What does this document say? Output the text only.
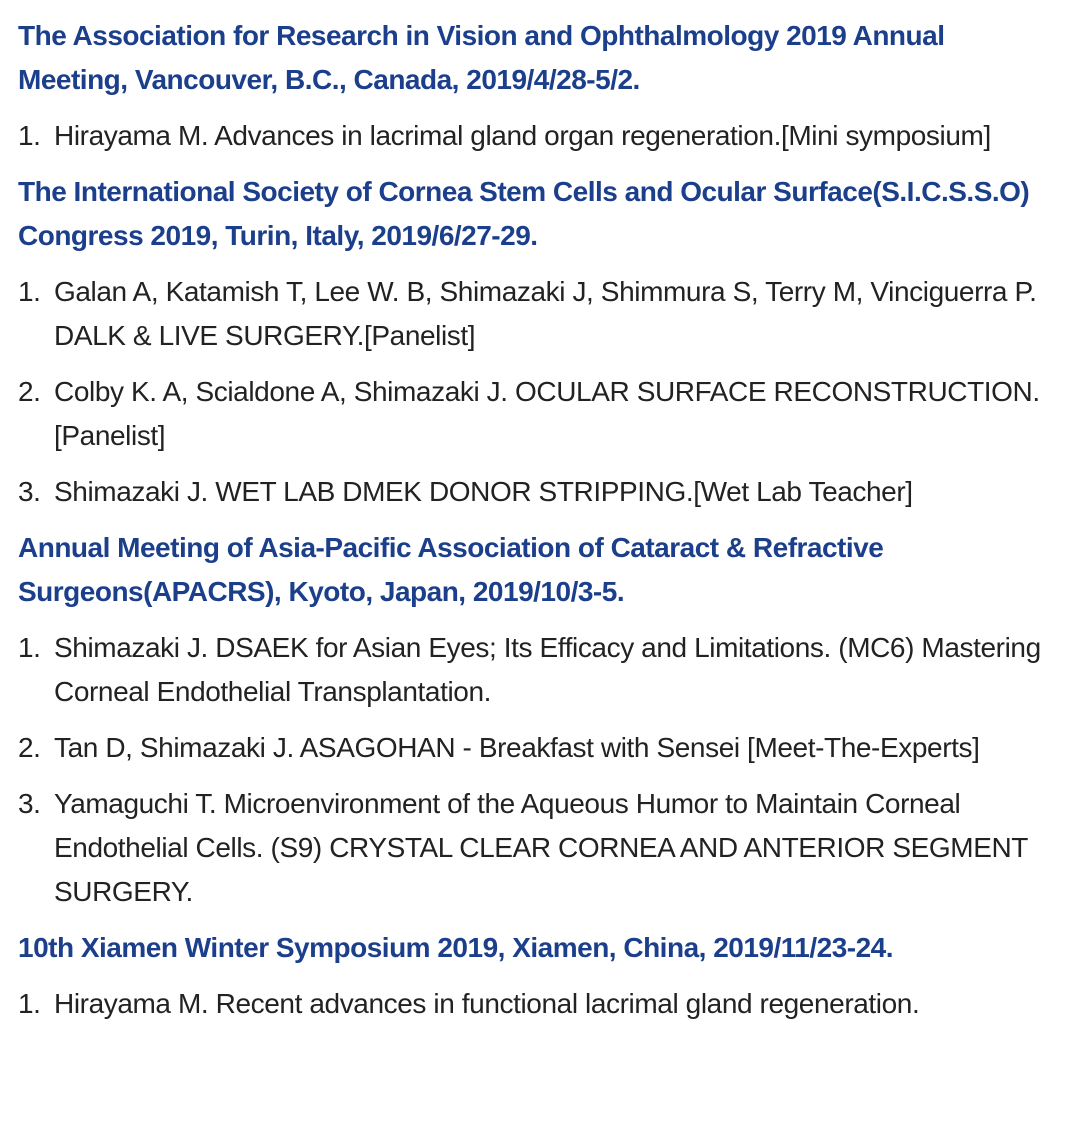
The Association for Research in Vision and Ophthalmology 2019 Annual Meeting, Vancouver, B.C., Canada, 2019/4/28-5/2.

1. Hirayama M. Advances in lacrimal gland organ regeneration.[Mini symposium]

The International Society of Cornea Stem Cells and Ocular Surface(S.I.C.S.S.O) Congress 2019, Turin, Italy, 2019/6/27-29.

1. Galan A, Katamish T, Lee W. B, Shimazaki J, Shimmura S, Terry M, Vinciguerra P. DALK & LIVE SURGERY.[Panelist]
2. Colby K. A, Scialdone A, Shimazaki J. OCULAR SURFACE RECONSTRUCTION.[Panelist]
3. Shimazaki J. WET LAB DMEK DONOR STRIPPING.[Wet Lab Teacher]

Annual Meeting of Asia-Pacific Association of Cataract & Refractive Surgeons(APACRS), Kyoto, Japan, 2019/10/3-5.

1. Shimazaki J. DSAEK for Asian Eyes; Its Efficacy and Limitations. (MC6) Mastering Corneal Endothelial Transplantation.
2. Tan D, Shimazaki J. ASAGOHAN - Breakfast with Sensei [Meet-The-Experts]
3. Yamaguchi T. Microenvironment of the Aqueous Humor to Maintain Corneal Endothelial Cells. (S9) CRYSTAL CLEAR CORNEA AND ANTERIOR SEGMENT SURGERY.

10th Xiamen Winter Symposium 2019, Xiamen, China, 2019/11/23-24.

1. Hirayama M. Recent advances in functional lacrimal gland regeneration.
